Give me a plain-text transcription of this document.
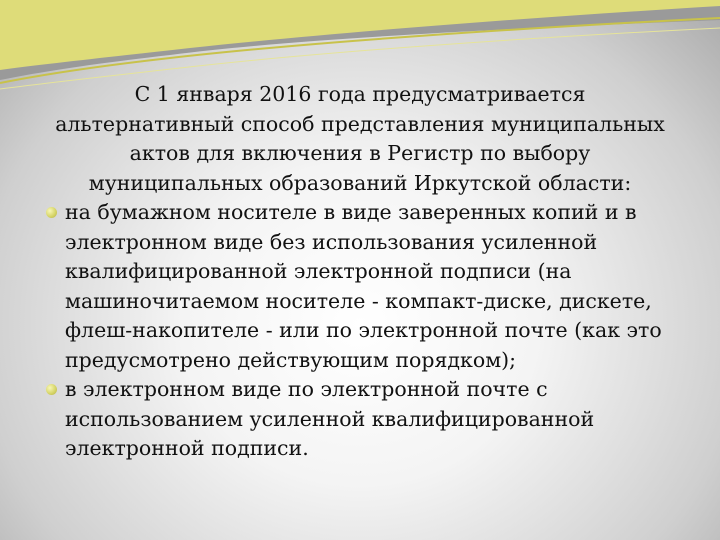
С 1 января 2016 года предусматривается альтернативный способ представления муниципальных актов для включения в Регистр по выбору муниципальных образований Иркутской области:

на бумажном носителе в виде заверенных копий и в электронном виде без использования усиленной квалифицированной электронной подписи (на машиночитаемом носителе - компакт-диске, дискете, флеш-накопителе - или по электронной почте (как это предусмотрено действующим порядком);
в электронном виде по электронной почте с использованием усиленной квалифицированной электронной подписи.
